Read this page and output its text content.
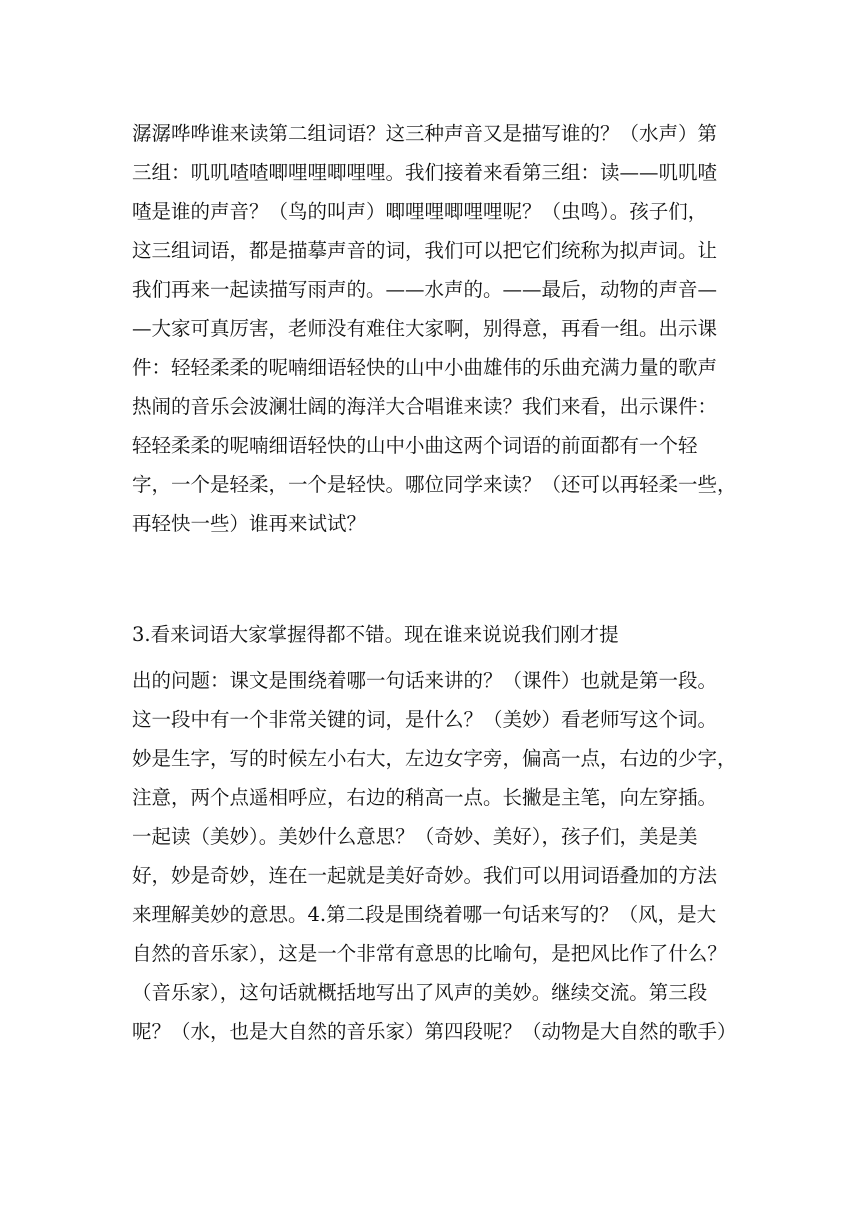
潺潺哗哗谁来读第二组词语？这三种声音又是描写谁的？（水声）第
三组：叽叽喳喳唧哩哩唧哩哩。我们接着来看第三组：读——叽叽喳
喳是谁的声音？（鸟的叫声）唧哩哩唧哩哩呢？（虫鸣）。孩子们，
这三组词语，都是描摹声音的词，我们可以把它们统称为拟声词。让
我们再来一起读描写雨声的。——水声的。——最后，动物的声音—
—大家可真厉害，老师没有难住大家啊，别得意，再看一组。出示课
件：轻轻柔柔的呢喃细语轻快的山中小曲雄伟的乐曲充满力量的歌声
热闹的音乐会波澜壮阔的海洋大合唱谁来读？我们来看，出示课件：
轻轻柔柔的呢喃细语轻快的山中小曲这两个词语的前面都有一个轻
字，一个是轻柔，一个是轻快。哪位同学来读？（还可以再轻柔一些，
再轻快一些）谁再来试试？
3.看来词语大家掌握得都不错。现在谁来说说我们刚才提
出的问题：课文是围绕着哪一句话来讲的？（课件）也就是第一段。
这一段中有一个非常关键的词，是什么？（美妙）看老师写这个词。
妙是生字，写的时候左小右大，左边女字旁，偏高一点，右边的少字，
注意，两个点遥相呼应，右边的稍高一点。长撇是主笔，向左穿插。
一起读（美妙）。美妙什么意思？（奇妙、美好），孩子们，美是美
好，妙是奇妙，连在一起就是美好奇妙。我们可以用词语叠加的方法
来理解美妙的意思。4.第二段是围绕着哪一句话来写的？（风，是大
自然的音乐家），这是一个非常有意思的比喻句，是把风比作了什么？
（音乐家），这句话就概括地写出了风声的美妙。继续交流。第三段
呢？（水，也是大自然的音乐家）第四段呢？（动物是大自然的歌手）
